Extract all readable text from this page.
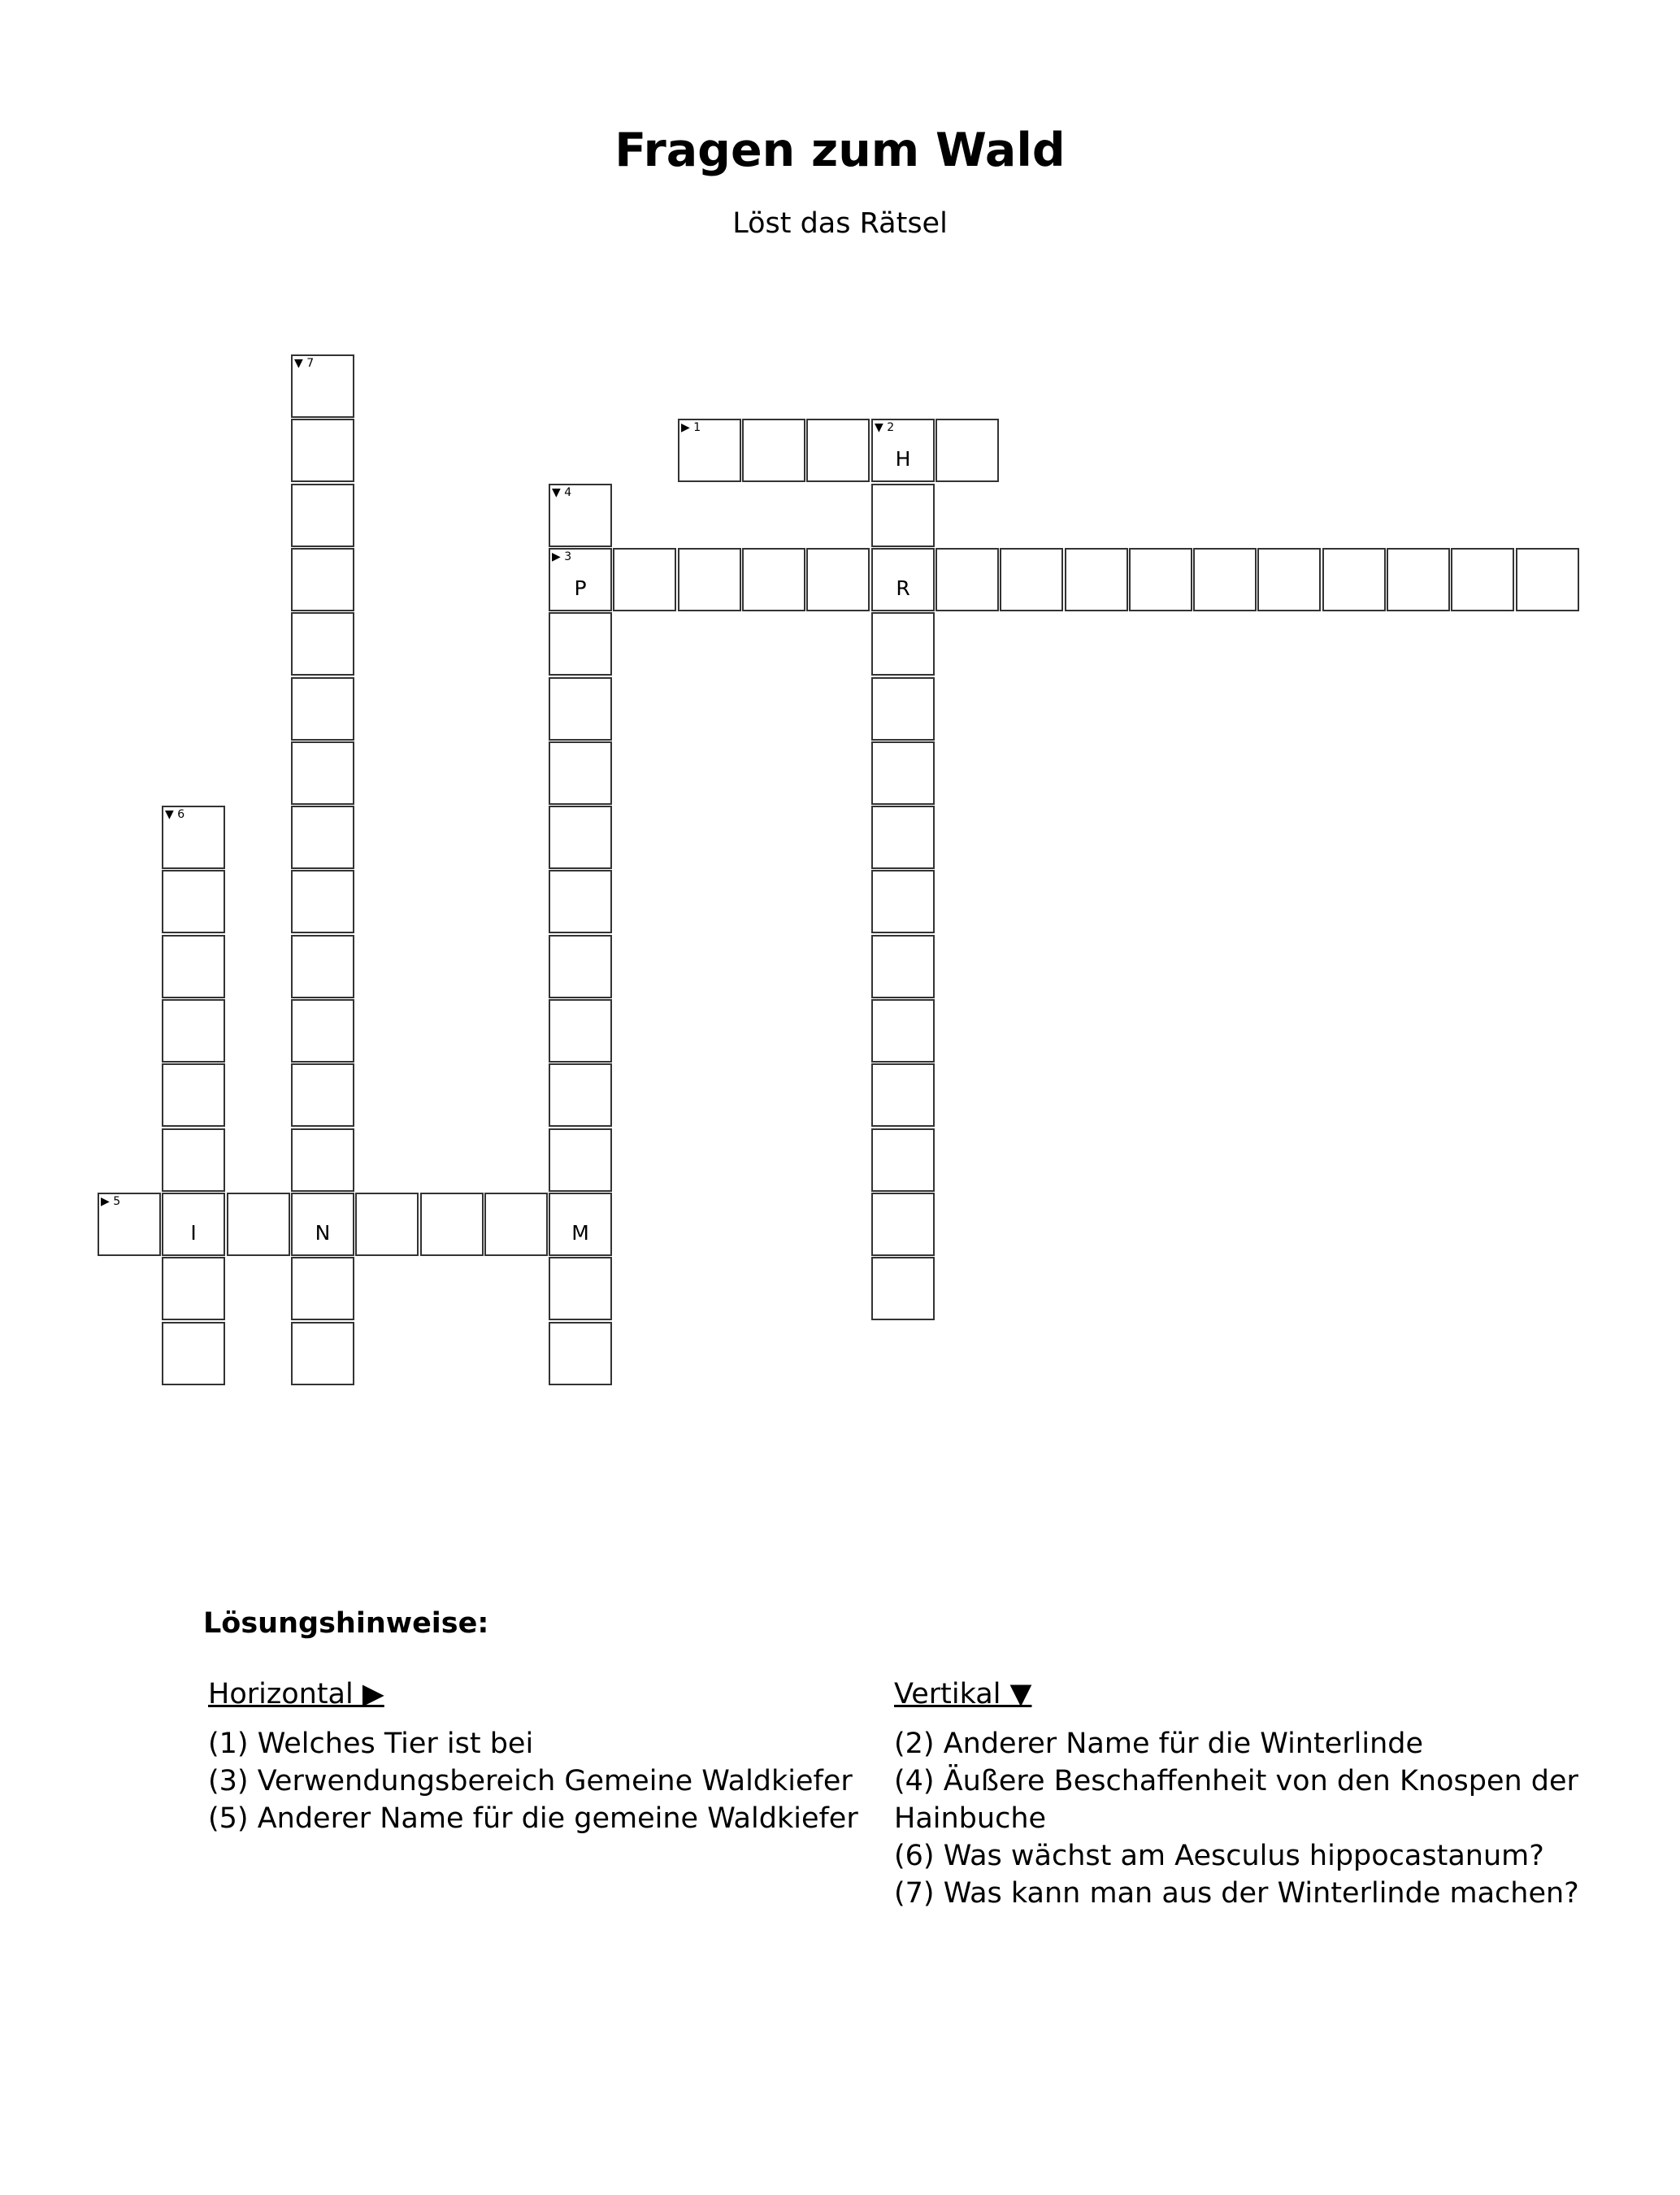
Fragen zum Wald
Löst das Rätsel
▶ 1	▼ 2
H
R
▶ 3
P
▼ 4
M
▶ 5
I	N
▼ 6
▼ 7
Lösungshinweise:
Horizontal ▶
(1) Welches Tier ist bei
(3) Verwendungsbereich Gemeine Waldkiefer
(5) Anderer Name für die gemeine Waldkiefer
Vertikal ▼
(2) Anderer Name für die Winterlinde
(4) Äußere Beschaffenheit von den Knospen der Hainbuche
(6) Was wächst am Aesculus hippocastanum?
(7) Was kann man aus der Winterlinde machen?
